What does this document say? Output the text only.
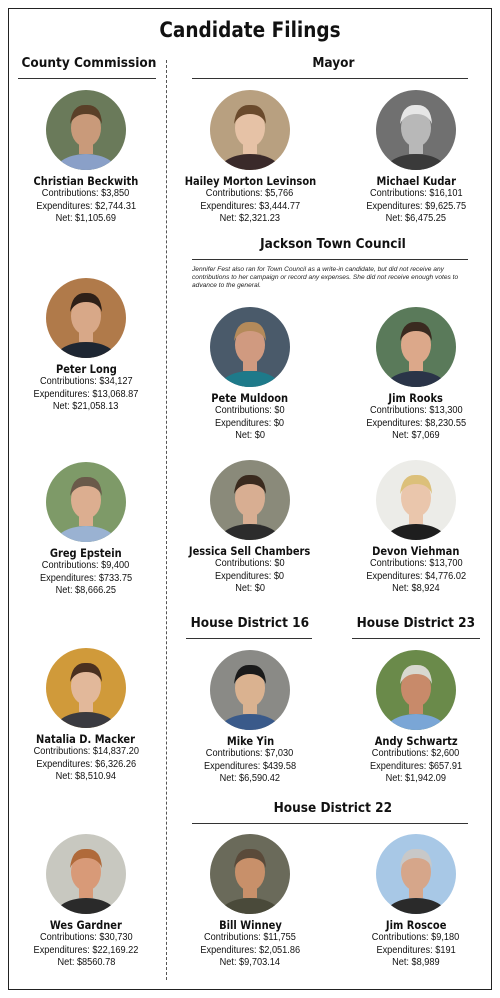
Candidate Filings
County Commission	Mayor
Jackson Town Council
Jennifer Fest also ran for Town Council as a write-in candidate, but did not receive any contributions to her campaign or record any expenses. She did not receive enough votes to advance to the general.
House District 16	House District 23
House District 22
Christian Beckwith
Contributions: $3,850
Expenditures: $2,744.31
Net: $1,105.69
Peter Long
Contributions: $34,127
Expenditures: $13,068.87
Net: $21,058.13
Greg Epstein
Contributions: $9,400
Expenditures: $733.75
Net: $8,666.25
Natalia D. Macker
Contributions: $14,837.20
Expenditures: $6,326.26
Net: $8,510.94
Wes Gardner
Contributions: $30,730
Expenditures: $22,169.22
Net: $8560.78
Hailey Morton Levinson
Contributions: $5,766
Expenditures: $3,444.77
Net: $2,321.23
Michael Kudar
Contributions: $16,101
Expenditures: $9,625.75
Net: $6,475.25
Pete Muldoon
Contributions: $0
Expenditures: $0
Net: $0
Jim Rooks
Contributions: $13,300
Expenditures: $8,230.55
Net: $7,069
Jessica Sell Chambers
Contributions: $0
Expenditures: $0
Net: $0
Devon Viehman
Contributions: $13,700
Expenditures: $4,776.02
Net: $8,924
Mike Yin
Contributions: $7,030
Expenditures: $439.58
Net: $6,590.42
Andy Schwartz
Contributions: $2,600
Expenditures: $657.91
Net: $1,942.09
Bill Winney
Contributions: $11,755
Expenditures: $2,051.86
Net: $9,703.14
Jim Roscoe
Contributions: $9,180
Expenditures: $191
Net: $8,989
